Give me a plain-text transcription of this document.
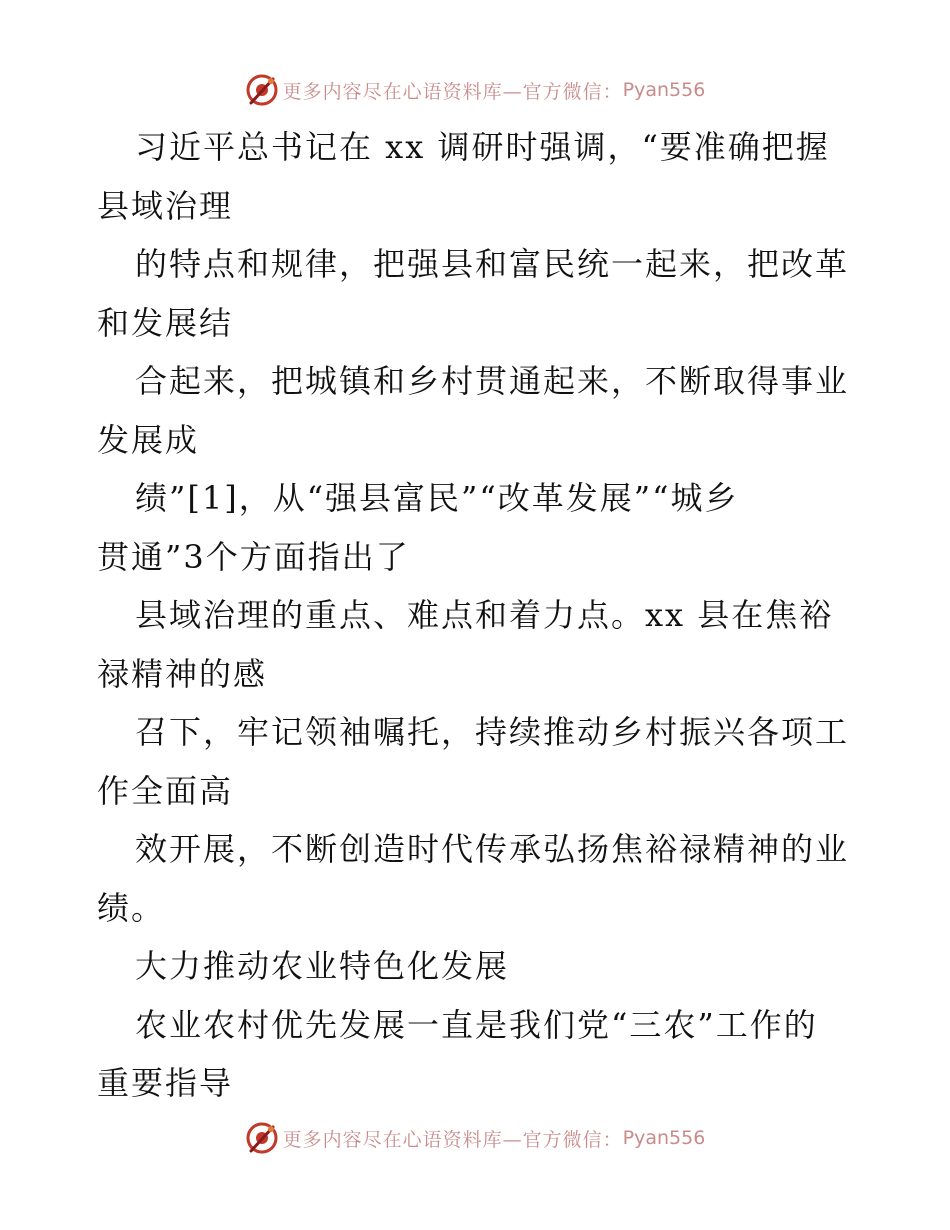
更多内容尽在心语资料库—官方微信： Pyan556
习近平总书记在 xx 调研时强调，“要准确把握
县域治理
的特点和规律，把强县和富民统一起来，把改革
和发展结
合起来，把城镇和乡村贯通起来，不断取得事业
发展成
绩”[1]，从“强县富民”“改革发展”“城乡
贯通”3个方面指出了
县域治理的重点、难点和着力点。xx 县在焦裕
禄精神的感
召下，牢记领袖嘱托，持续推动乡村振兴各项工
作全面高
效开展，不断创造时代传承弘扬焦裕禄精神的业
绩。
大力推动农业特色化发展
农业农村优先发展一直是我们党“三农”工作的
重要指导
更多内容尽在心语资料库—官方微信： Pyan556
